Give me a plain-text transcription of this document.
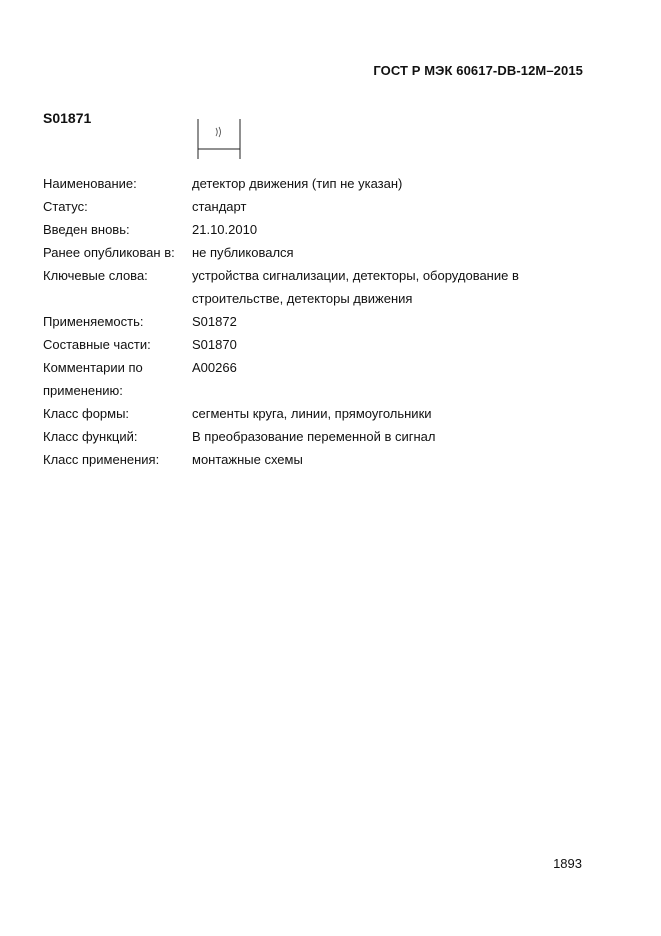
ГОСТ Р МЭК 60617-DB-12M–2015
S01871
Наименование:	детектор движения (тип не указан)
Статус:	стандарт
Введен вновь:	21.10.2010
Ранее опубликован в:	не публиковался
Ключевые слова:	устройства сигнализации, детекторы, оборудование в строительстве, детекторы движения
Применяемость:	S01872
Составные части:	S01870
Комментарии по применению:
A00266
Класс формы:	сегменты круга, линии, прямоугольники
Класс функций:	B преобразование переменной в сигнал
Класс применения:	монтажные схемы
1893
